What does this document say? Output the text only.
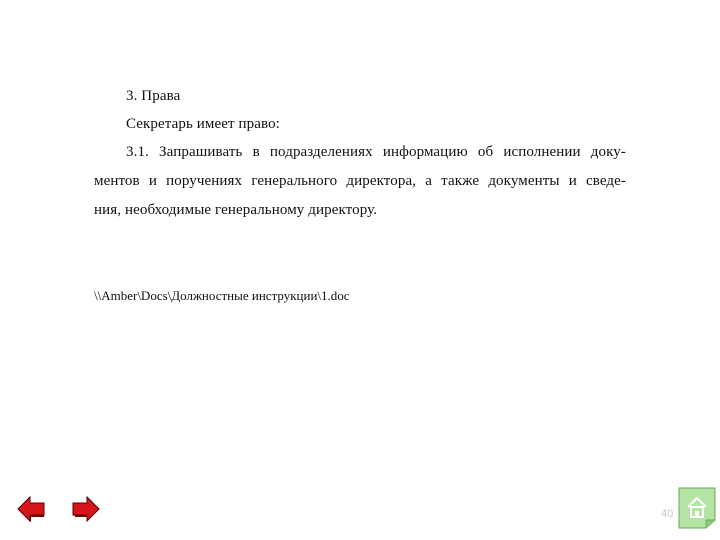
3. Права
Секретарь имеет право:
3.1. Запрашивать в подразделениях информацию об исполнении доку-
ментов и поручениях генерального директора, а также документы и сведе-
ния, необходимые генеральному директору.
\\Amber\Docs\Должностные инструкции\1.doc
40
